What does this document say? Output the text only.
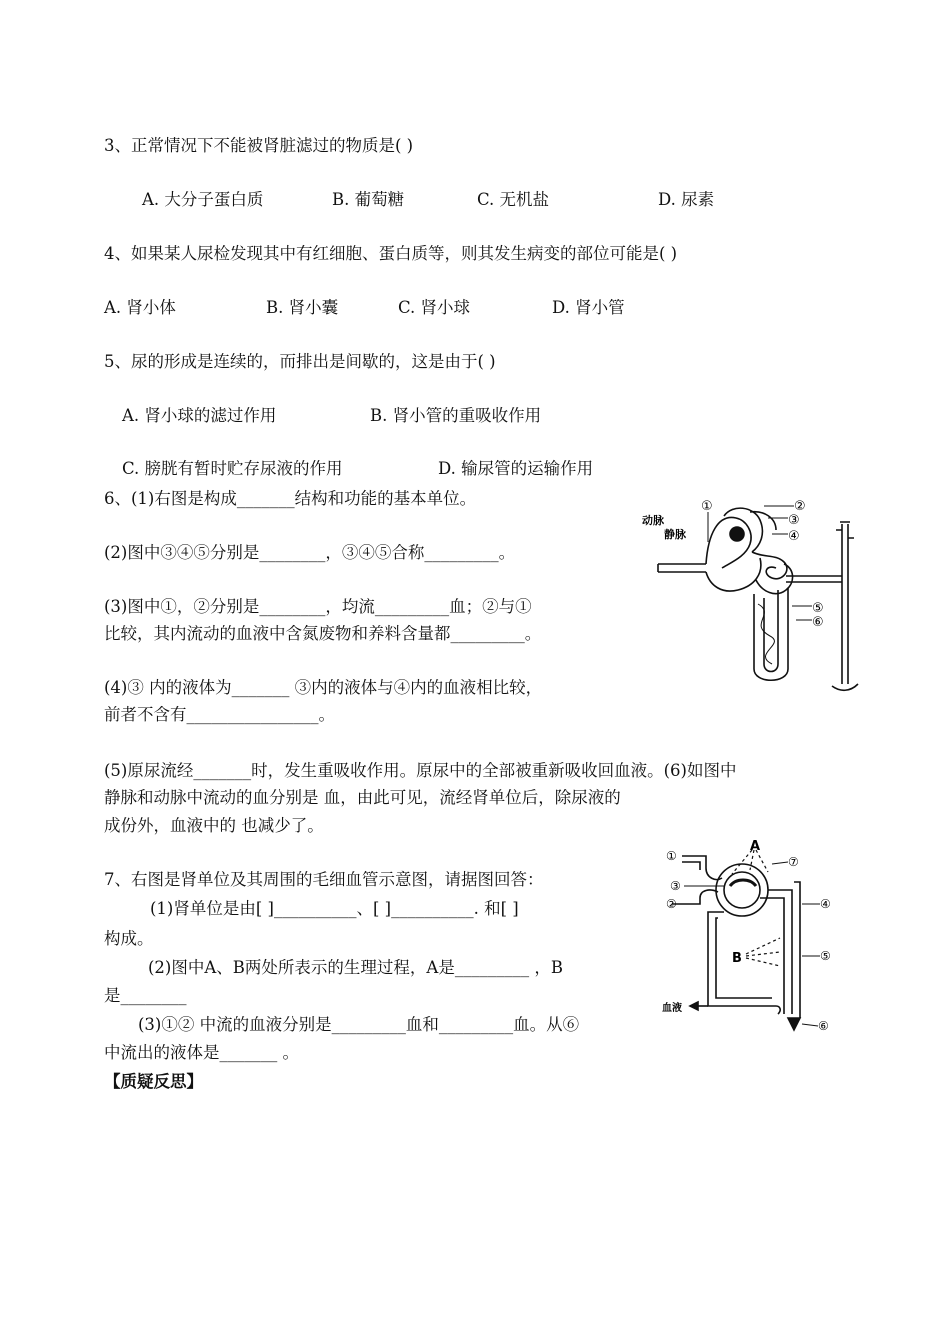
3、正常情况下不能被肾脏滤过的物质是( )
A. 大分子蛋白质	B. 葡萄糖	C. 无机盐	D. 尿素
4、如果某人尿检发现其中有红细胞、蛋白质等，则其发生病变的部位可能是( )
A. 肾小体	B. 肾小囊	C. 肾小球	D. 肾小管
5、尿的形成是连续的，而排出是间歇的，这是由于( )
A. 肾小球的滤过作用	B. 肾小管的重吸收作用
C. 膀胱有暂时贮存尿液的作用	D. 输尿管的运输作用
6、(1)右图是构成_______结构和功能的基本单位。
(2)图中③④⑤分别是________，③④⑤合称_________。
(3)图中①，②分别是________，均流_________血；②与①
比较，其内流动的血液中含氮废物和养料含量都_________。
(4)③ 内的液体为_______ ③内的液体与④内的血液相比较，
前者不含有________________。
(5)原尿流经_______时，发生重吸收作用。原尿中的全部被重新吸收回血液。(6)如图中
静脉和动脉中流动的血分别是 血，由此可见，流经肾单位后，除尿液的
成份外，血液中的 也减少了。
7、右图是肾单位及其周围的毛细血管示意图，请据图回答：
(1)肾单位是由[ ]__________、[ ]__________. 和[ ]
构成。
(2)图中A、B两处所表示的生理过程，A是_________ ，B
是________
(3)①② 中流的血液分别是_________血和_________血。从⑥
中流出的液体是_______ 。
【质疑反思】
动脉
静脉
①	②
③
④
⑤
⑥
A
B
血液
①
②
③
④
⑤
⑥
⑦
